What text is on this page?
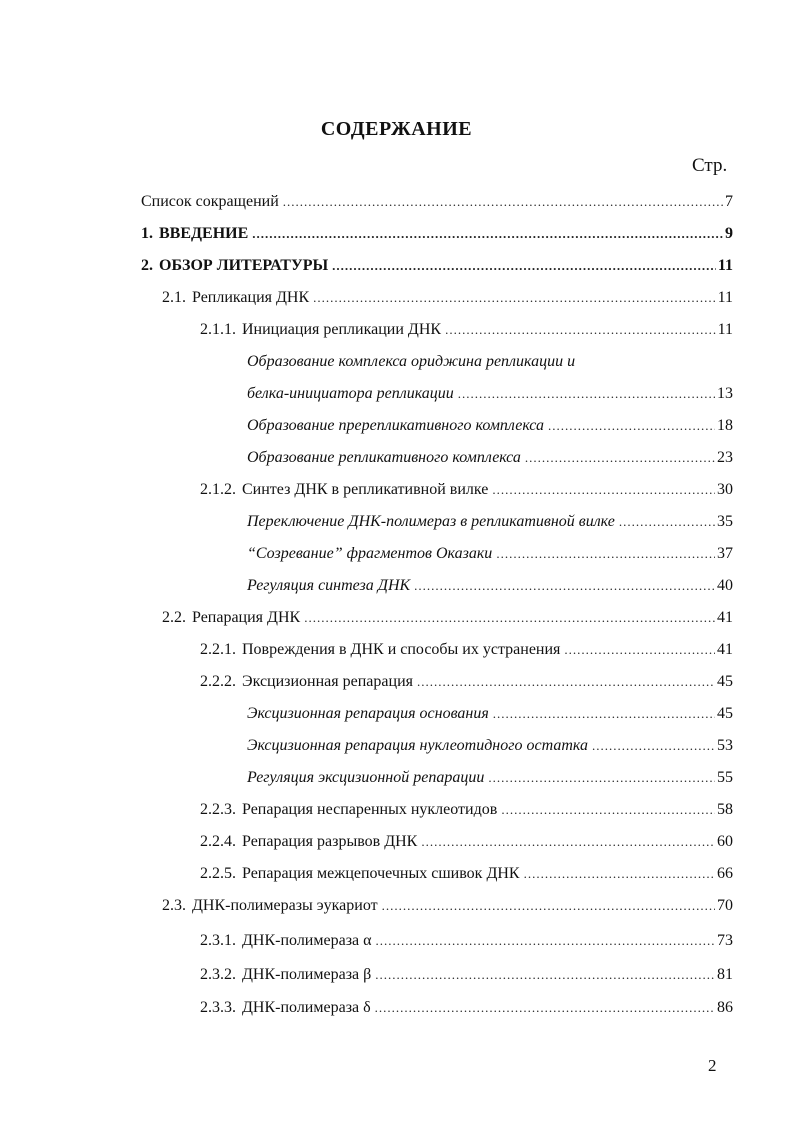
СОДЕРЖАНИЕ
Стр.
Список сокращений .....	7
1. ВВЕДЕНИЕ .....	9
2. ОБЗОР ЛИТЕРАТУРЫ .....	11
2.1. Репликация ДНК .....	11
2.1.1. Инициация репликации ДНК .....	11
Образование комплекса ориджина репликации и
белка-инициатора репликации .....	13
Образование пререпликативного комплекса .....	18
Образование репликативного комплекса .....	23
2.1.2. Синтез ДНК в репликативной вилке .....	30
Переключение ДНК-полимераз в репликативной вилке .....	35
“Созревание” фрагментов Оказаки .....	37
Регуляция синтеза ДНК .....	40
2.2. Репарация ДНК .....	41
2.2.1. Повреждения в ДНК и способы их устранения .....	41
2.2.2. Эксцизионная репарация .....	45
Эксцизионная репарация основания .....	45
Эксцизионная репарация нуклеотидного остатка .....	53
Регуляция эксцизионной репарации .....	55
2.2.3. Репарация неспаренных нуклеотидов .....	58
2.2.4. Репарация разрывов ДНК .....	60
2.2.5. Репарация межцепочечных сшивок ДНК .....	66
2.3. ДНК-полимеразы эукариот .....	70
2.3.1. ДНК-полимераза α .....	73
2.3.2. ДНК-полимераза β .....	81
2.3.3. ДНК-полимераза δ .....	86
2
